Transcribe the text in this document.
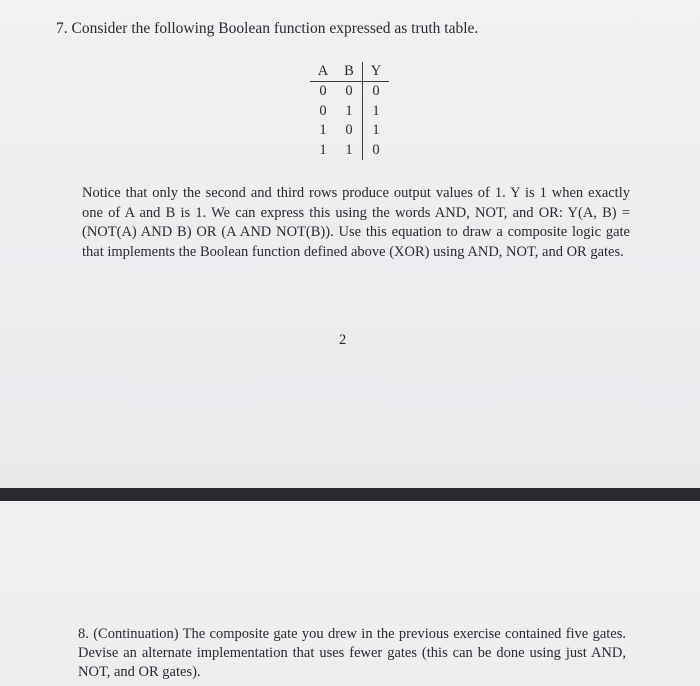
7. Consider the following Boolean function expressed as truth table.
A	B	Y
0	0	0
0	1	1
1	0	1
1	1	0
Notice that only the second and third rows produce output values of 1. Y is 1 when exactly one of A and B is 1. We can express this using the words AND, NOT, and OR: Y(A, B) = (NOT(A) AND B) OR (A AND NOT(B)). Use this equation to draw a composite logic gate that implements the Boolean function defined above (XOR) using AND, NOT, and OR gates.
2
8. (Continuation) The composite gate you drew in the previous exercise contained five gates. Devise an alternate implementation that uses fewer gates (this can be done using just AND, NOT, and OR gates).
